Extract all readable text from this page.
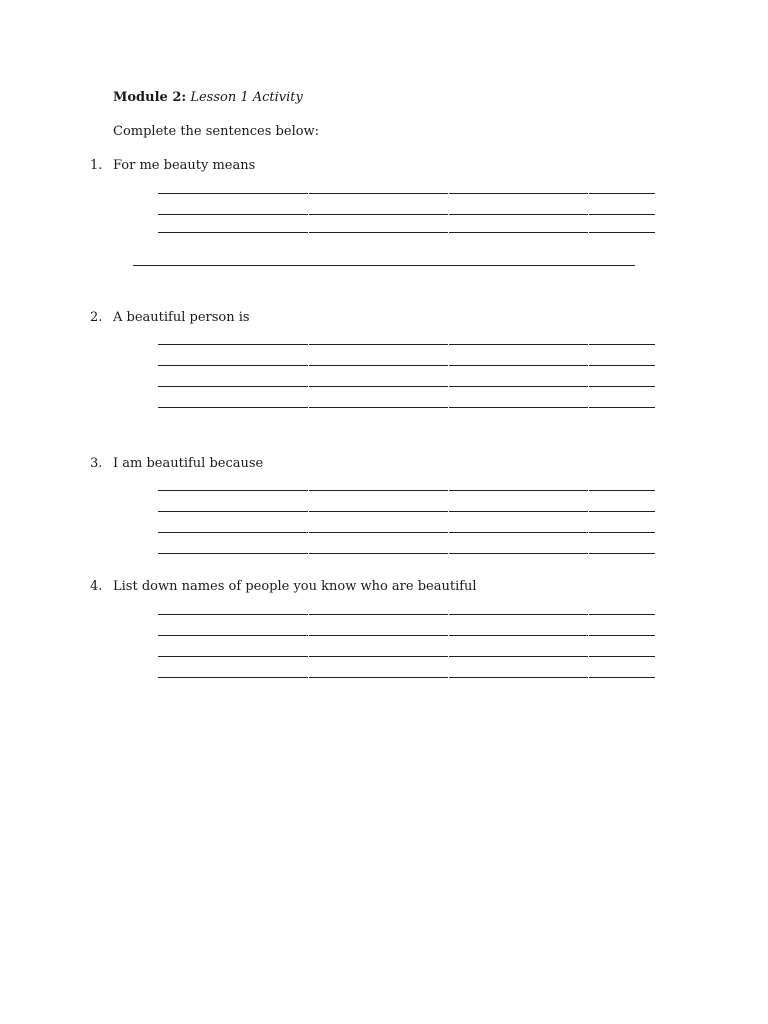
Module 2: Lesson 1 Activity
Complete the sentences below:
1. For me beauty means
2. A beautiful person is
3. I am beautiful because
4. List down names of people you know who are beautiful
